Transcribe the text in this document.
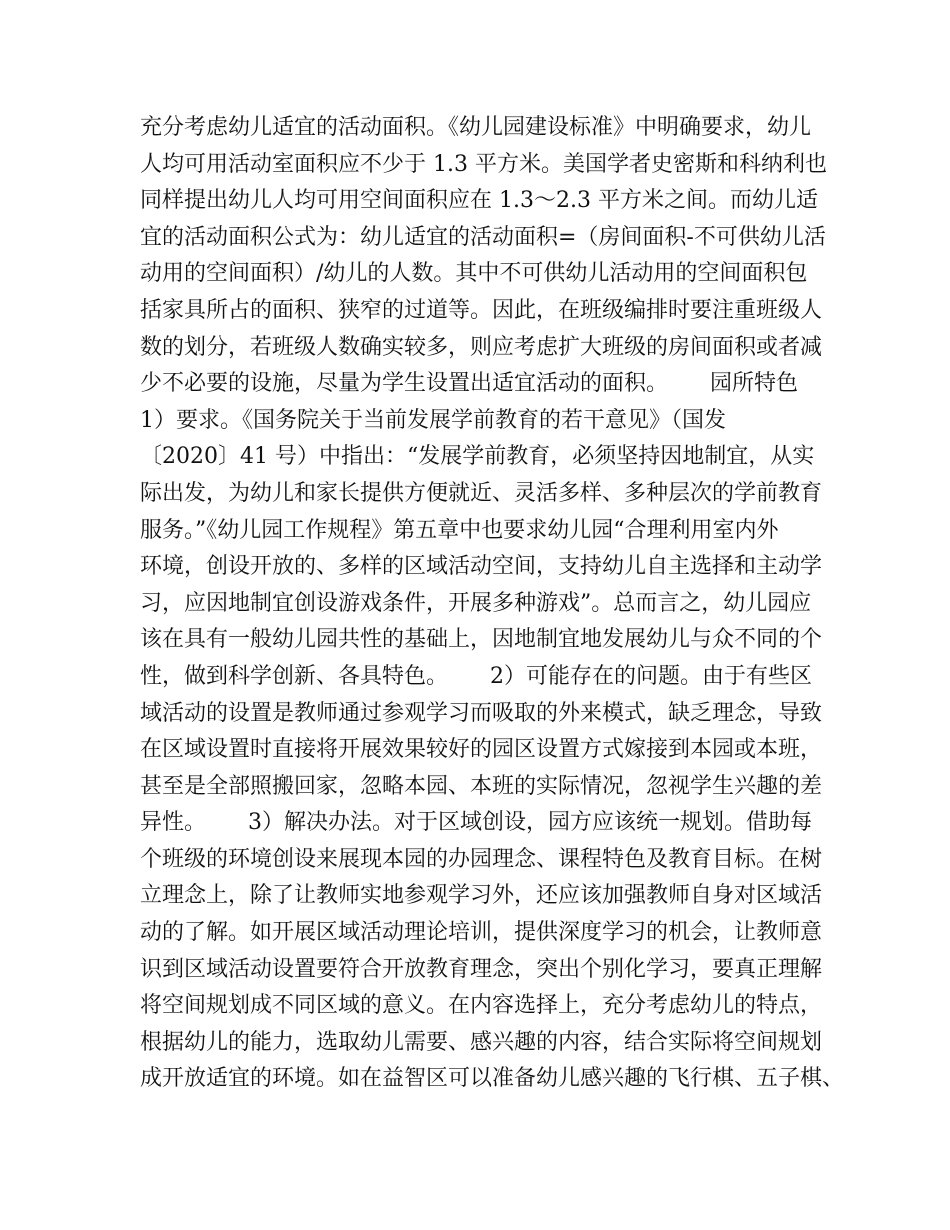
充分考虑幼儿适宜的活动面积。《幼儿园建设标准》中明确要求，幼儿
人均可用活动室面积应不少于 1.3 平方米。美国学者史密斯和科纳利也
同样提出幼儿人均可用空间面积应在 1.3～2.3 平方米之间。而幼儿适
宜的活动面积公式为：幼儿适宜的活动面积=（房间面积-不可供幼儿活
动用的空间面积）/幼儿的人数。其中不可供幼儿活动用的空间面积包
括家具所占的面积、狭窄的过道等。因此，在班级编排时要注重班级人
数的划分，若班级人数确实较多，则应考虑扩大班级的房间面积或者减
少不必要的设施，尽量为学生设置出适宜活动的面积。      园所特色
1）要求。《国务院关于当前发展学前教育的若干意见》（国发
〔2020〕41 号）中指出：“发展学前教育，必须坚持因地制宜，从实
际出发，为幼儿和家长提供方便就近、灵活多样、多种层次的学前教育
服务。”《幼儿园工作规程》第五章中也要求幼儿园“合理利用室内外
环境，创设开放的、多样的区域活动空间，支持幼儿自主选择和主动学
习，应因地制宜创设游戏条件，开展多种游戏”。总而言之，幼儿园应
该在具有一般幼儿园共性的基础上，因地制宜地发展幼儿与众不同的个
性，做到科学创新、各具特色。      2）可能存在的问题。由于有些区
域活动的设置是教师通过参观学习而吸取的外来模式，缺乏理念，导致
在区域设置时直接将开展效果较好的园区设置方式嫁接到本园或本班，
甚至是全部照搬回家，忽略本园、本班的实际情况，忽视学生兴趣的差
异性。      3）解决办法。对于区域创设，园方应该统一规划。借助每
个班级的环境创设来展现本园的办园理念、课程特色及教育目标。在树
立理念上，除了让教师实地参观学习外，还应该加强教师自身对区域活
动的了解。如开展区域活动理论培训，提供深度学习的机会，让教师意
识到区域活动设置要符合开放教育理念，突出个别化学习，要真正理解
将空间规划成不同区域的意义。在内容选择上，充分考虑幼儿的特点，
根据幼儿的能力，选取幼儿需要、感兴趣的内容，结合实际将空间规划
成开放适宜的环境。如在益智区可以准备幼儿感兴趣的飞行棋、五子棋、
